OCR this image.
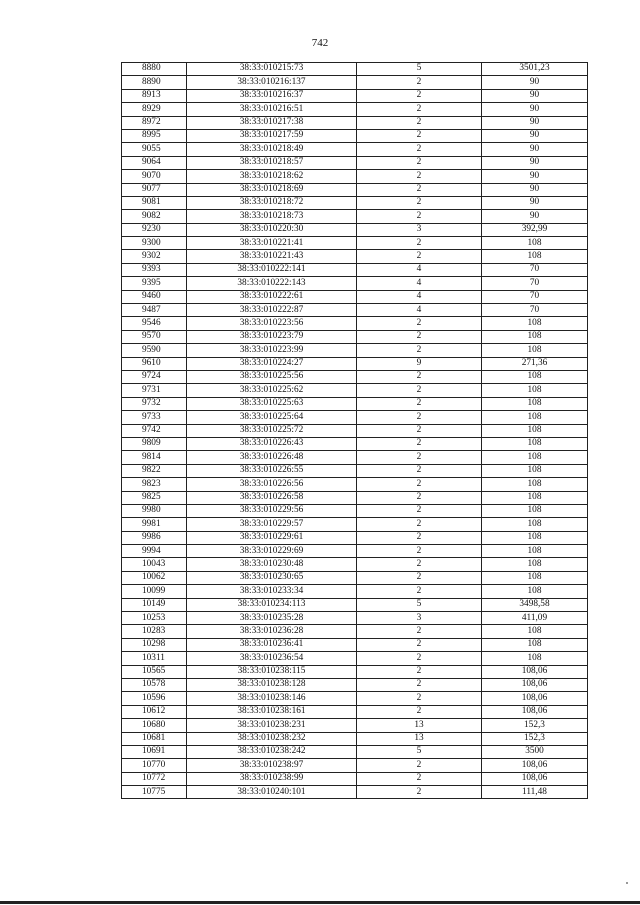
742
8880	38:33:010215:73	5	3501,23
8890	38:33:010216:137	2	90
8913	38:33:010216:37	2	90
8929	38:33:010216:51	2	90
8972	38:33:010217:38	2	90
8995	38:33:010217:59	2	90
9055	38:33:010218:49	2	90
9064	38:33:010218:57	2	90
9070	38:33:010218:62	2	90
9077	38:33:010218:69	2	90
9081	38:33:010218:72	2	90
9082	38:33:010218:73	2	90
9230	38:33:010220:30	3	392,99
9300	38:33:010221:41	2	108
9302	38:33:010221:43	2	108
9393	38:33:010222:141	4	70
9395	38:33:010222:143	4	70
9460	38:33:010222:61	4	70
9487	38:33:010222:87	4	70
9546	38:33:010223:56	2	108
9570	38:33:010223:79	2	108
9590	38:33:010223:99	2	108
9610	38:33:010224:27	9	271,36
9724	38:33:010225:56	2	108
9731	38:33:010225:62	2	108
9732	38:33:010225:63	2	108
9733	38:33:010225:64	2	108
9742	38:33:010225:72	2	108
9809	38:33:010226:43	2	108
9814	38:33:010226:48	2	108
9822	38:33:010226:55	2	108
9823	38:33:010226:56	2	108
9825	38:33:010226:58	2	108
9980	38:33:010229:56	2	108
9981	38:33:010229:57	2	108
9986	38:33:010229:61	2	108
9994	38:33:010229:69	2	108
10043	38:33:010230:48	2	108
10062	38:33:010230:65	2	108
10099	38:33:010233:34	2	108
10149	38:33:010234:113	5	3498,58
10253	38:33:010235:28	3	411,09
10283	38:33:010236:28	2	108
10298	38:33:010236:41	2	108
10311	38:33:010236:54	2	108
10565	38:33:010238:115	2	108,06
10578	38:33:010238:128	2	108,06
10596	38:33:010238:146	2	108,06
10612	38:33:010238:161	2	108,06
10680	38:33:010238:231	13	152,3
10681	38:33:010238:232	13	152,3
10691	38:33:010238:242	5	3500
10770	38:33:010238:97	2	108,06
10772	38:33:010238:99	2	108,06
10775	38:33:010240:101	2	111,48
